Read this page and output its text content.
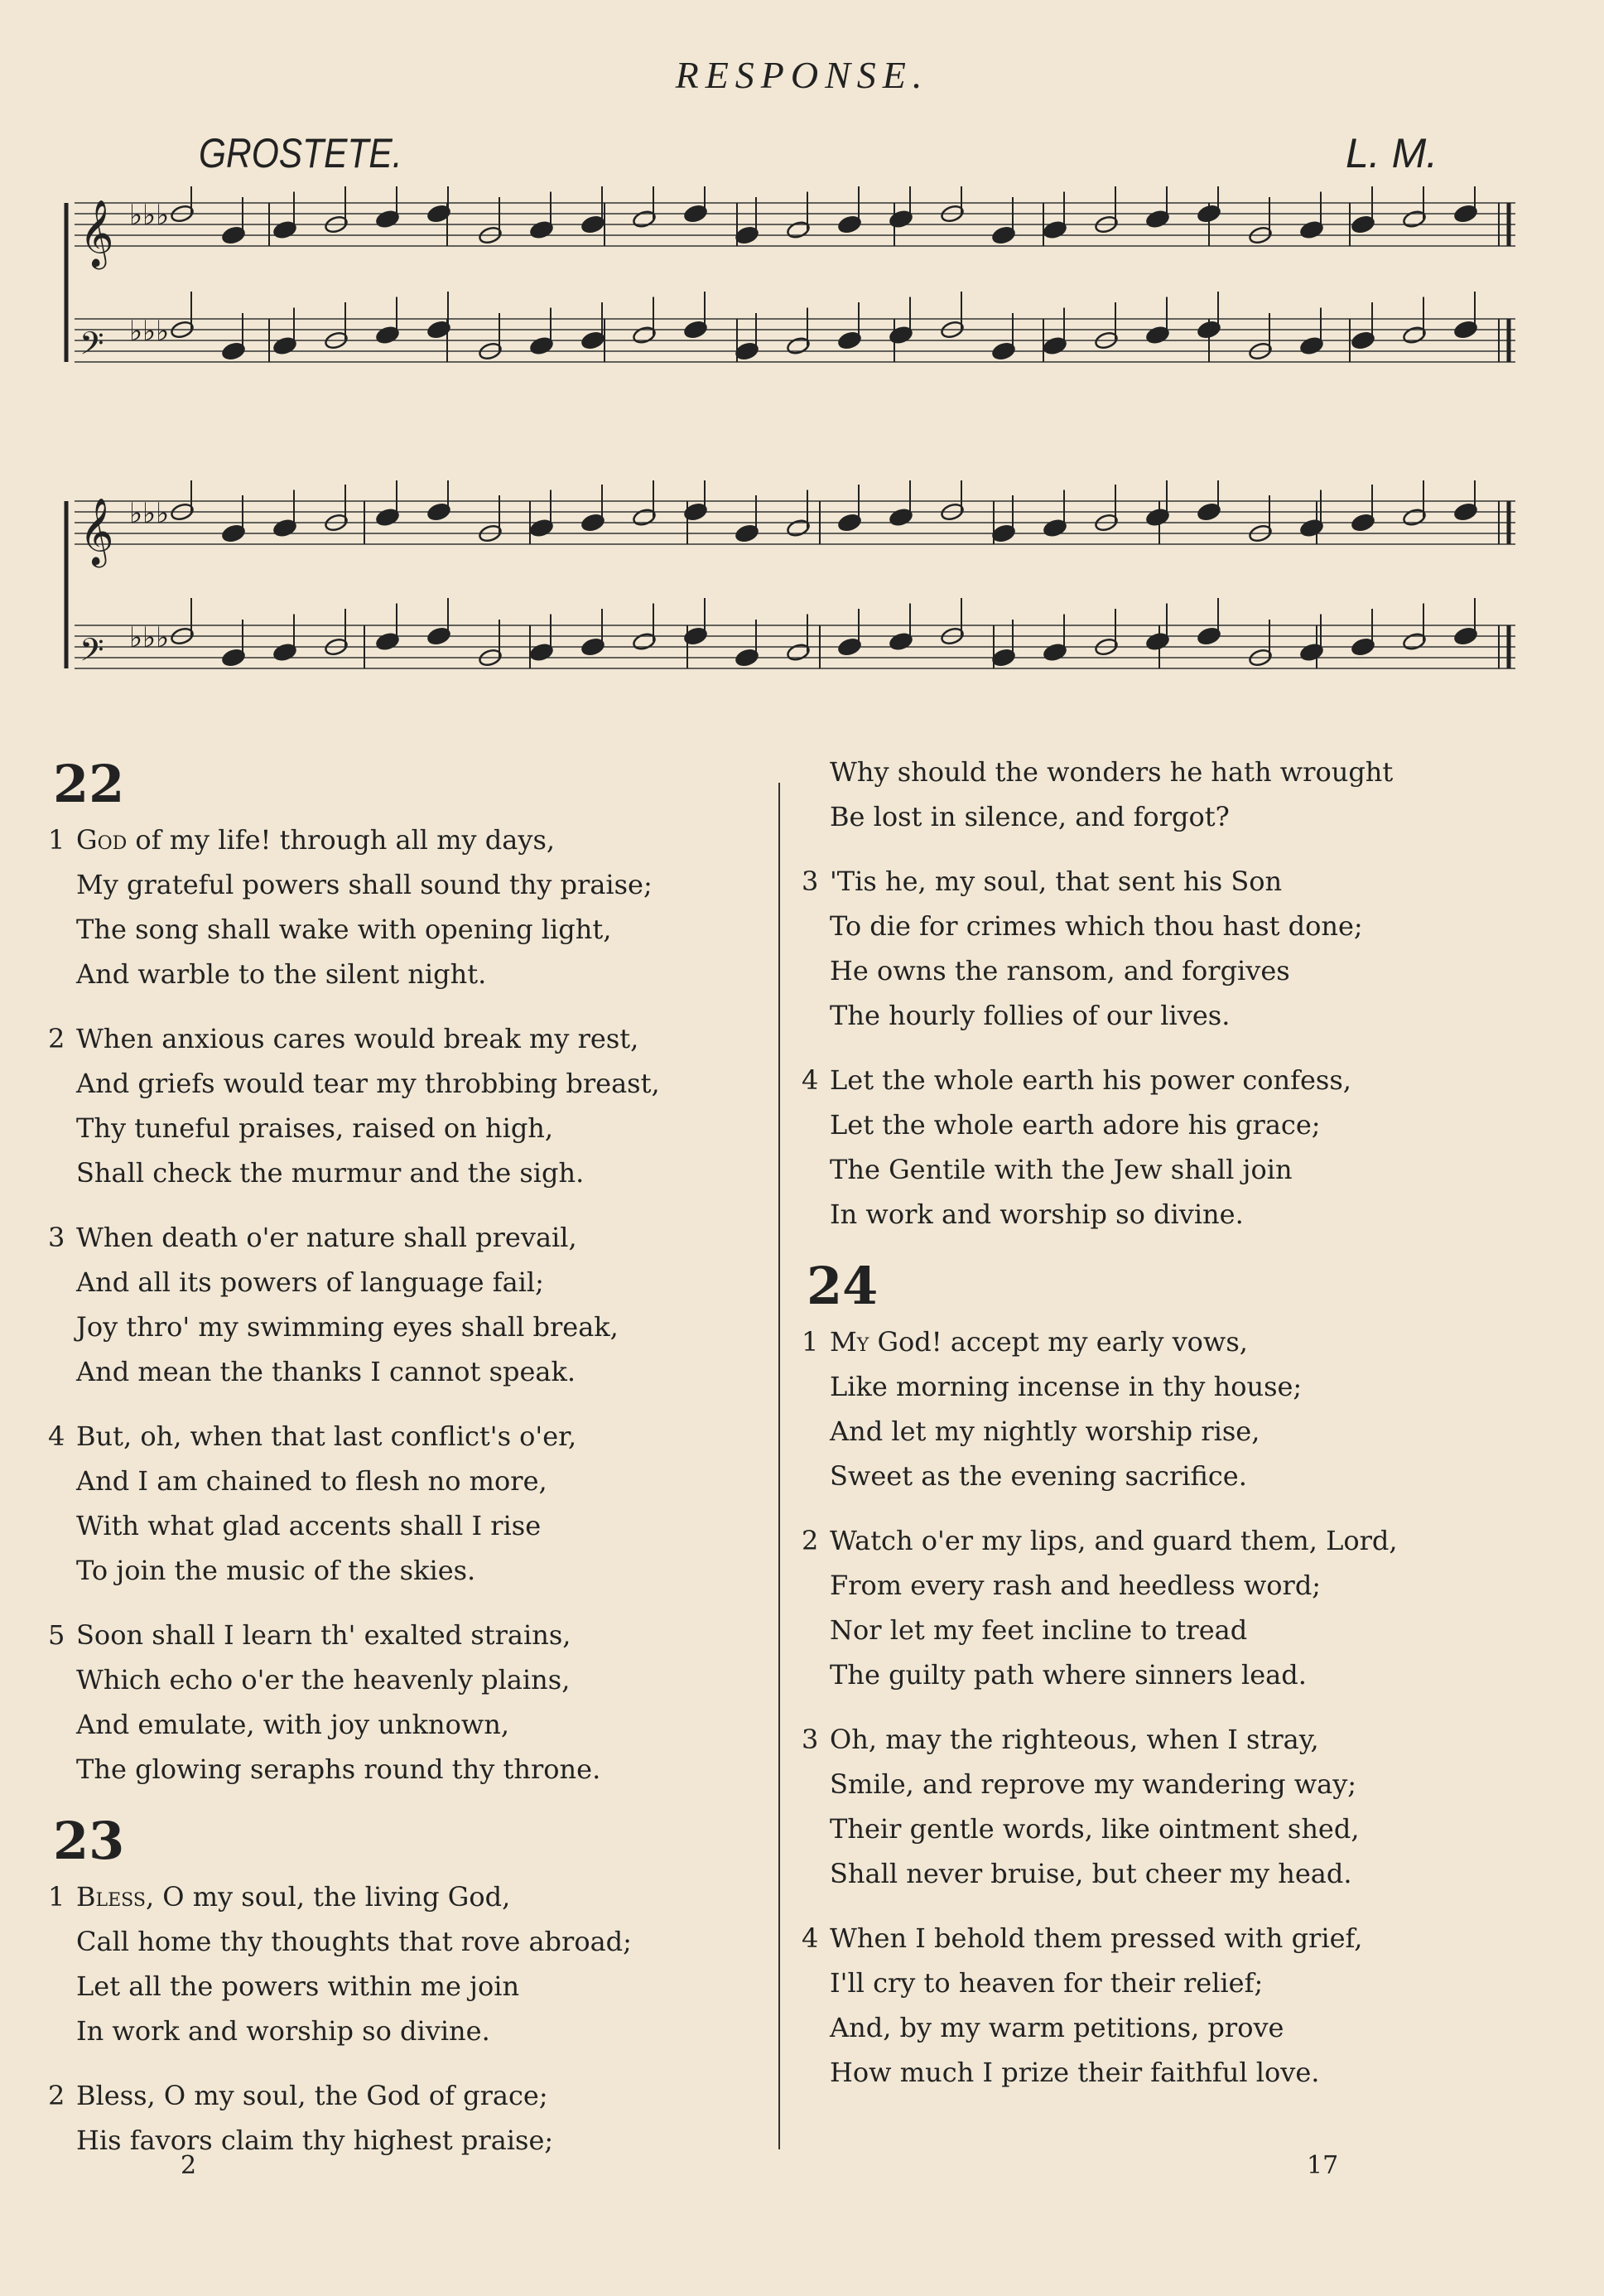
RESPONSE.
GROSTETE.	L. M.
𝄞 ♭♭♭
𝄢 ♭♭♭
𝄞 ♭♭♭
𝄢 ♭♭♭
22
1 God of my life! through all my days,
My grateful powers shall sound thy praise;
The song shall wake with opening light,
And warble to the silent night.
2 When anxious cares would break my rest,
And griefs would tear my throbbing breast,
Thy tuneful praises, raised on high,
Shall check the murmur and the sigh.
3 When death o'er nature shall prevail,
And all its powers of language fail;
Joy thro' my swimming eyes shall break,
And mean the thanks I cannot speak.
4 But, oh, when that last conflict's o'er,
And I am chained to flesh no more,
With what glad accents shall I rise
To join the music of the skies.
5 Soon shall I learn th' exalted strains,
Which echo o'er the heavenly plains,
And emulate, with joy unknown,
The glowing seraphs round thy throne.
23
1 Bless, O my soul, the living God,
Call home thy thoughts that rove abroad;
Let all the powers within me join
In work and worship so divine.
2 Bless, O my soul, the God of grace;
His favors claim thy highest praise;
Why should the wonders he hath wrought
Be lost in silence, and forgot?
3 'Tis he, my soul, that sent his Son
To die for crimes which thou hast done;
He owns the ransom, and forgives
The hourly follies of our lives.
4 Let the whole earth his power confess,
Let the whole earth adore his grace;
The Gentile with the Jew shall join
In work and worship so divine.
24
1 My God! accept my early vows,
Like morning incense in thy house;
And let my nightly worship rise,
Sweet as the evening sacrifice.
2 Watch o'er my lips, and guard them, Lord,
From every rash and heedless word;
Nor let my feet incline to tread
The guilty path where sinners lead.
3 Oh, may the righteous, when I stray,
Smile, and reprove my wandering way;
Their gentle words, like ointment shed,
Shall never bruise, but cheer my head.
4 When I behold them pressed with grief,
I'll cry to heaven for their relief;
And, by my warm petitions, prove
How much I prize their faithful love.
2	17
